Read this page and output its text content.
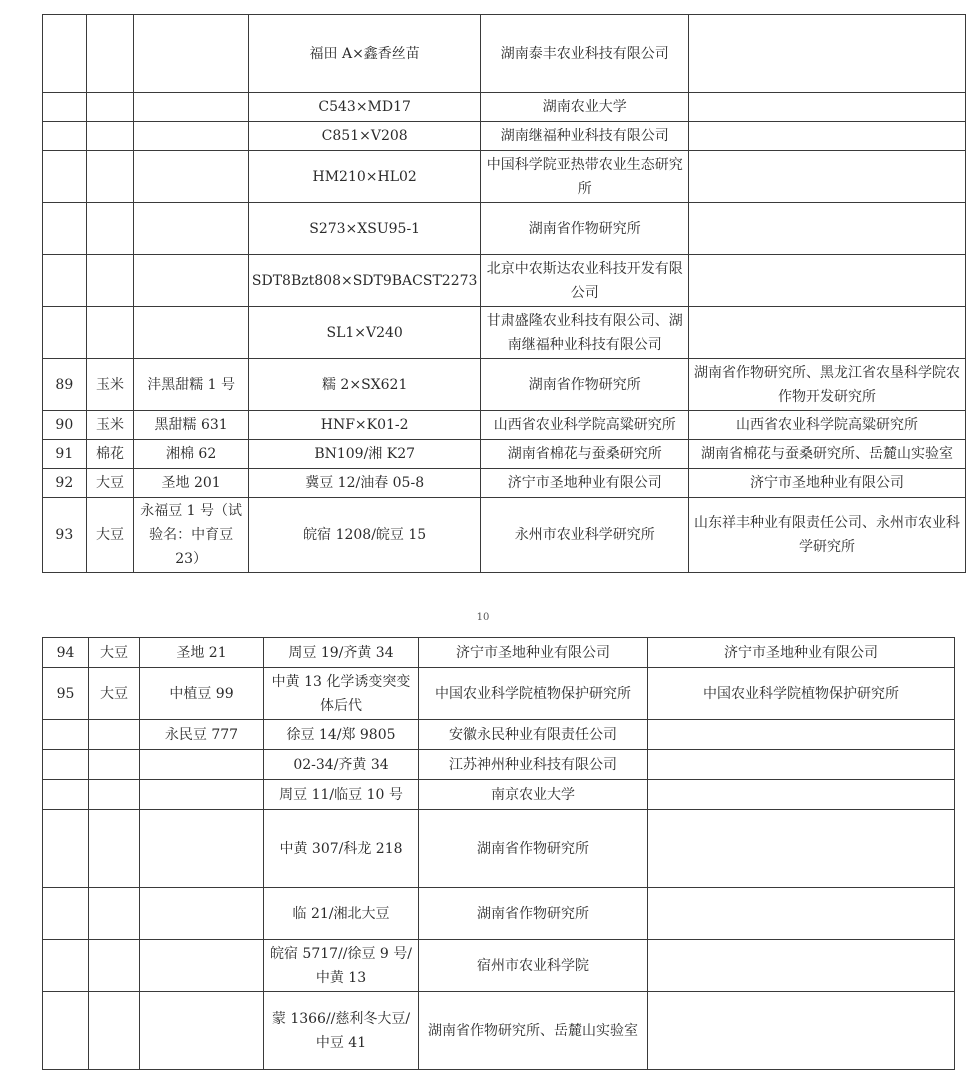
			福田 A×鑫香丝苗	湖南泰丰农业科技有限公司	
			C543×MD17	湖南农业大学	
			C851×V208	湖南继福种业科技有限公司	
			HM210×HL02	中国科学院亚热带农业生态研究所	
			S273×XSU95-1	湖南省作物研究所	
			SDT8Bzt808×SDT9BACST2273	北京中农斯达农业科技开发有限公司	
			SL1×V240	甘肃盛隆农业科技有限公司、湖南继福种业科技有限公司	
89	玉米	沣黑甜糯 1 号	糯 2×SX621	湖南省作物研究所	湖南省作物研究所、黑龙江省农垦科学院农作物开发研究所
90	玉米	黑甜糯 631	HNF×K01-2	山西省农业科学院高粱研究所	山西省农业科学院高粱研究所
91	棉花	湘棉 62	BN109/湘 K27	湖南省棉花与蚕桑研究所	湖南省棉花与蚕桑研究所、岳麓山实验室
92	大豆	圣地 201	冀豆 12/油春 05-8	济宁市圣地种业有限公司	济宁市圣地种业有限公司
93	大豆	永福豆 1 号（试验名：中育豆 23）	皖宿 1208/皖豆 15	永州市农业科学研究所	山东祥丰种业有限责任公司、永州市农业科学研究所
10
94	大豆	圣地 21	周豆 19/齐黄 34	济宁市圣地种业有限公司	济宁市圣地种业有限公司
95	大豆	中植豆 99	中黄 13 化学诱变突变体后代	中国农业科学院植物保护研究所	中国农业科学院植物保护研究所
		永民豆 777	徐豆 14/郑 9805	安徽永民种业有限责任公司	
			02-34/齐黄 34	江苏神州种业科技有限公司	
			周豆 11/临豆 10 号	南京农业大学	
			中黄 307/科龙 218	湖南省作物研究所	
			临 21/湘北大豆	湖南省作物研究所	
			皖宿 5717//徐豆 9 号/中黄 13	宿州市农业科学院	
			蒙 1366//慈利冬大豆/中豆 41	湖南省作物研究所、岳麓山实验室	
